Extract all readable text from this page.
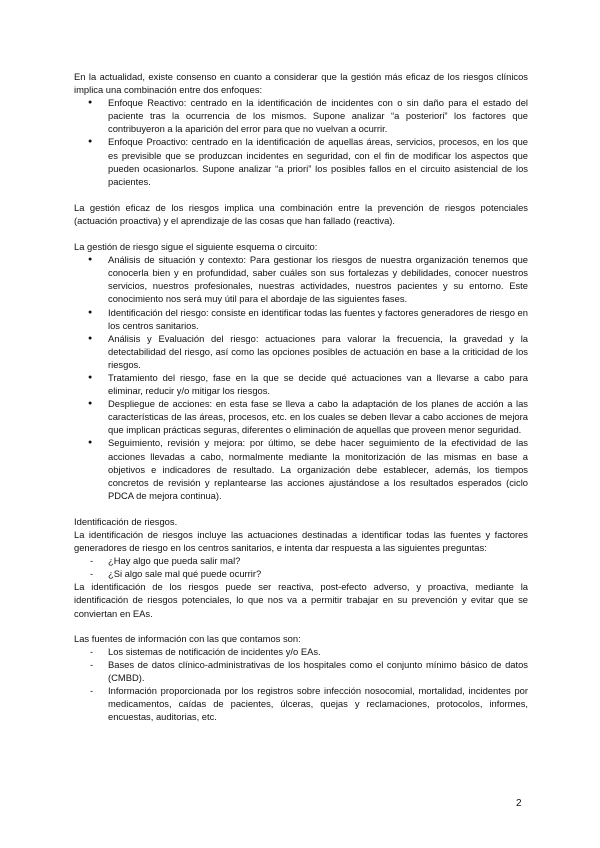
En la actualidad, existe consenso en cuanto a considerar que la gestión más eficaz de los riesgos clínicos implica una combinación entre dos enfoques:

● Enfoque Reactivo: centrado en la identificación de incidentes con o sin daño para el estado del paciente tras la ocurrencia de los mismos. Supone analizar “a posteriori” los factores que contribuyeron a la aparición del error para que no vuelvan a ocurrir.
● Enfoque Proactivo: centrado en la identificación de aquellas áreas, servicios, procesos, en los que es previsible que se produzcan incidentes en seguridad, con el fin de modificar los aspectos que pueden ocasionarlos. Supone analizar “a priori” los posibles fallos en el circuito asistencial de los pacientes.

La gestión eficaz de los riesgos implica una combinación entre la prevención de riesgos potenciales (actuación proactiva) y el aprendizaje de las cosas que han fallado (reactiva).

La gestión de riesgo sigue el siguiente esquema o circuito:

● Análisis de situación y contexto: Para gestionar los riesgos de nuestra organización tenemos que conocerla bien y en profundidad, saber cuáles son sus fortalezas y debilidades, conocer nuestros servicios, nuestros profesionales, nuestras actividades, nuestros pacientes y su entorno. Este conocimiento nos será muy útil para el abordaje de las siguientes fases.
● Identificación del riesgo: consiste en identificar todas las fuentes y factores generadores de riesgo en los centros sanitarios.
● Análisis y Evaluación del riesgo: actuaciones para valorar la frecuencia, la gravedad y la detectabilidad del riesgo, así como las opciones posibles de actuación en base a la criticidad de los riesgos.
● Tratamiento del riesgo, fase en la que se decide qué actuaciones van a llevarse a cabo para eliminar, reducir y/o mitigar los riesgos.
● Despliegue de acciones: en esta fase se lleva a cabo la adaptación de los planes de acción a las características de las áreas, procesos, etc. en los cuales se deben llevar a cabo acciones de mejora que implican prácticas seguras, diferentes o eliminación de aquellas que proveen menor seguridad.
● Seguimiento, revisión y mejora: por último, se debe hacer seguimiento de la efectividad de las acciones llevadas a cabo, normalmente mediante la monitorización de las mismas en base a objetivos e indicadores de resultado. La organización debe establecer, además, los tiempos concretos de revisión y replantearse las acciones ajustándose a los resultados esperados (ciclo PDCA de mejora continua).

Identificación de riesgos.

La identificación de riesgos incluye las actuaciones destinadas a identificar todas las fuentes y factores generadores de riesgo en los centros sanitarios, e intenta dar respuesta a las siguientes preguntas:

- ¿Hay algo que pueda salir mal?
- ¿Si algo sale mal qué puede ocurrir?

La identificación de los riesgos puede ser reactiva, post-efecto adverso, y proactiva, mediante la identificación de riesgos potenciales, lo que nos va a permitir trabajar en su prevención y evitar que se conviertan en EAs.

Las fuentes de información con las que contamos son:

- Los sistemas de notificación de incidentes y/o EAs.
- Bases de datos clínico-administrativas de los hospitales como el conjunto mínimo básico de datos (CMBD).
- Información proporcionada por los registros sobre infección nosocomial, mortalidad, incidentes por medicamentos, caídas de pacientes, úlceras, quejas y reclamaciones, protocolos, informes, encuestas, auditorias, etc.
2
